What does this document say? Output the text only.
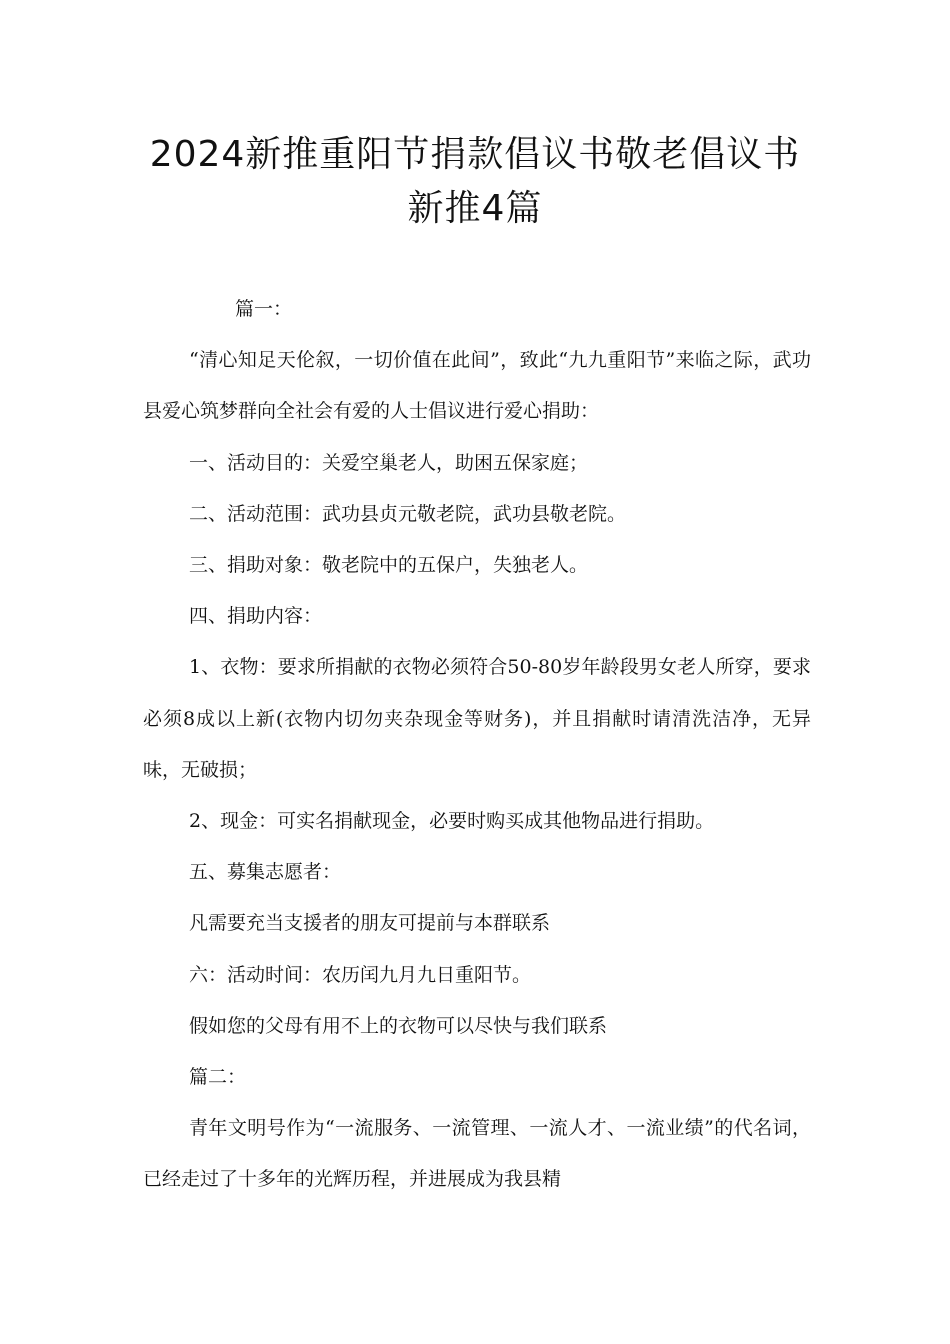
2024新推重阳节捐款倡议书敬老倡议书
新推4篇

篇一：

“清心知足天伦叙，一切价值在此间”，致此“九九重阳节”来临之际，武功县爱心筑梦群向全社会有爱的人士倡议进行爱心捐助：

一、活动目的：关爱空巢老人，助困五保家庭；

二、活动范围：武功县贞元敬老院，武功县敬老院。

三、捐助对象：敬老院中的五保户，失独老人。

四、捐助内容：

1、衣物：要求所捐献的衣物必须符合50-80岁年龄段男女老人所穿，要求必须8成以上新(衣物内切勿夹杂现金等财务)，并且捐献时请清洗洁净，无异味，无破损；

2、现金：可实名捐献现金，必要时购买成其他物品进行捐助。

五、募集志愿者：

凡需要充当支援者的朋友可提前与本群联系

六：活动时间：农历闰九月九日重阳节。

假如您的父母有用不上的衣物可以尽快与我们联系

篇二：

青年文明号作为“一流服务、一流管理、一流人才、一流业绩”的代名词，已经走过了十多年的光辉历程，并进展成为我县精
